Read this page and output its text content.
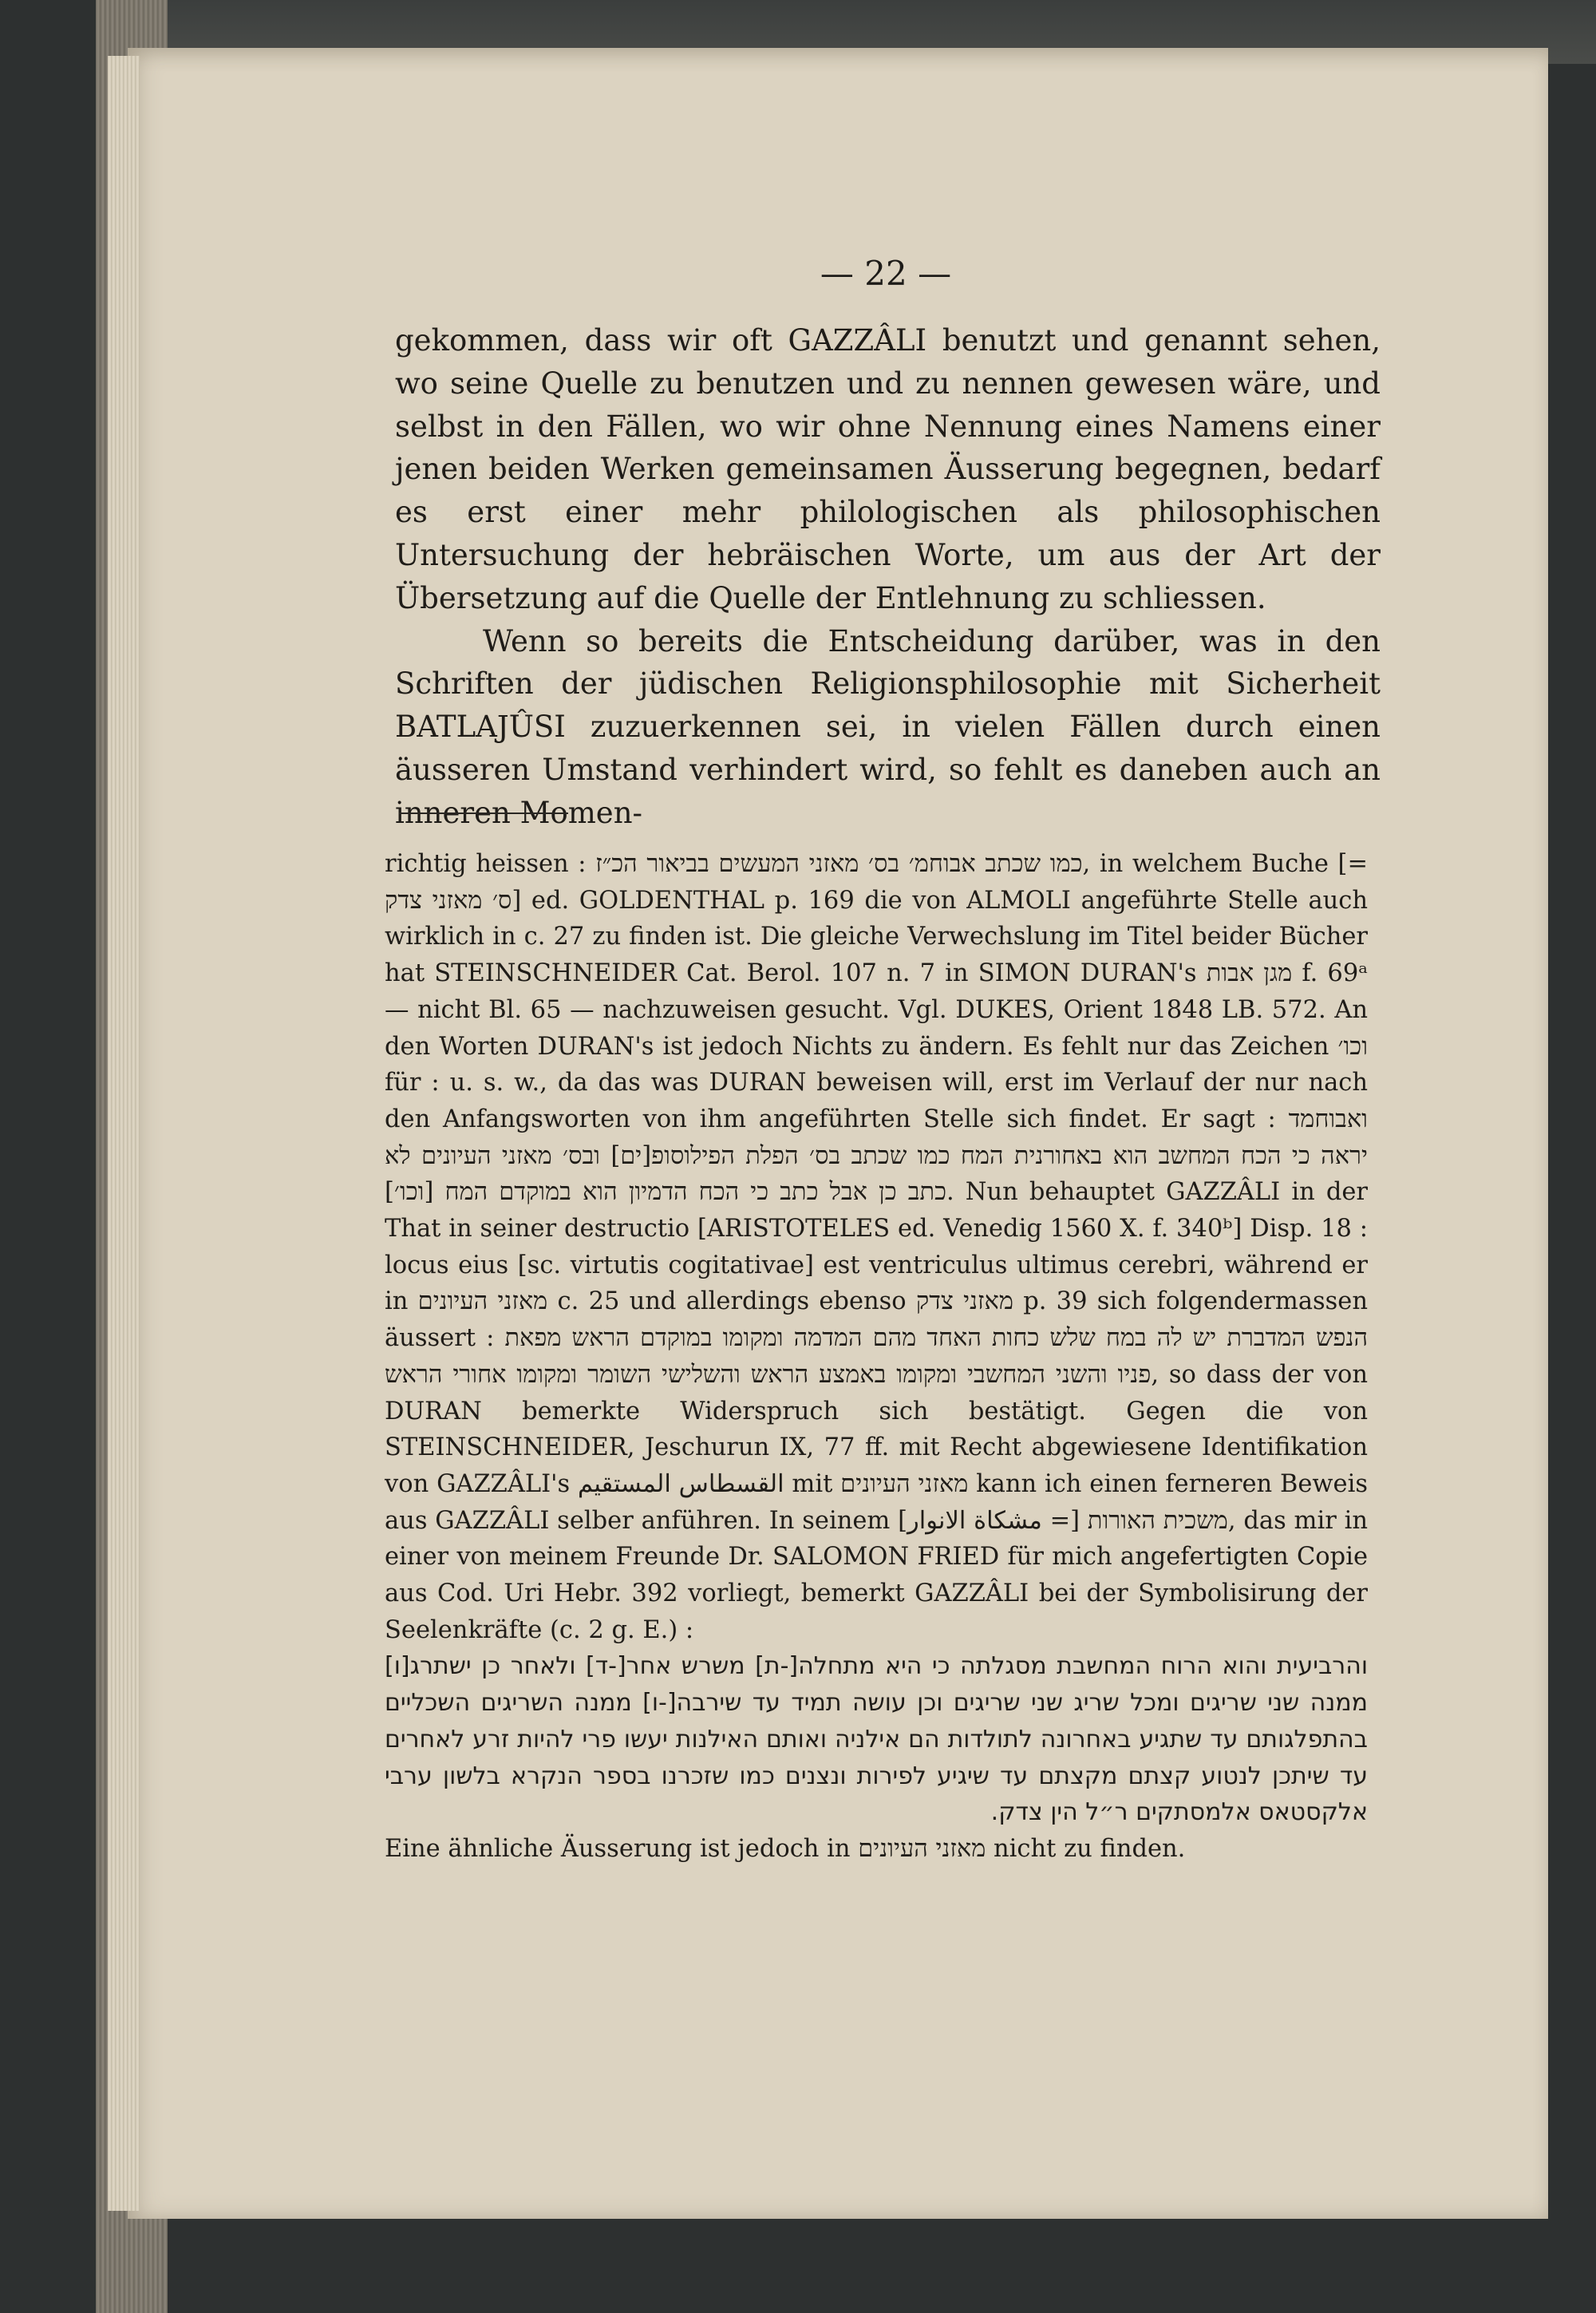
— 22 —

gekommen, dass wir oft GAZZÂLI benutzt und genannt sehen, wo seine Quelle zu benutzen und zu nennen gewesen wäre, und selbst in den Fällen, wo wir ohne Nennung eines Namens einer jenen beiden Werken gemeinsamen Äusserung begegnen, bedarf es erst einer mehr philologischen als philosophischen Untersuchung der hebräischen Worte, um aus der Art der Übersetzung auf die Quelle der Entlehnung zu schliessen.

Wenn so bereits die Entscheidung darüber, was in den Schriften der jüdischen Religionsphilosophie mit Sicherheit BATLAJÛSI zuzuerkennen sei, in vielen Fällen durch einen äusseren Umstand verhindert wird, so fehlt es daneben auch an inneren Momen-

richtig heissen : כמו שכתב אבוחמ׳ בס׳ מאזני המעשים בביאור הכ״ז, in welchem Buche [= ס׳ מאזני צדק] ed. GOLDENTHAL p. 169 die von ALMOLI angeführte Stelle auch wirklich in c. 27 zu finden ist. Die gleiche Verwechslung im Titel beider Bücher hat STEINSCHNEIDER Cat. Berol. 107 n. 7 in SIMON DURAN's מגן אבות f. 69ᵃ — nicht Bl. 65 — nachzuweisen gesucht. Vgl. DUKES, Orient 1848 LB. 572. An den Worten DURAN's ist jedoch Nichts zu ändern. Es fehlt nur das Zeichen וכו׳ für : u. s. w., da das was DURAN beweisen will, erst im Verlauf der nur nach den Anfangsworten von ihm angeführten Stelle sich findet. Er sagt : ואבוחמד יראה כי הכח המחשב הוא באחורנית המח כמו שכתב בס׳ הפלת הפילוסופ[ים] ובס׳ מאזני העיונים לא כתב כן אבל כתב כי הכח הדמיון הוא במוקדם המח [וכו׳]. Nun behauptet GAZZÂLI in der That in seiner destructio [ARISTOTELES ed. Venedig 1560 X. f. 340ᵇ] Disp. 18 : locus eius [sc. virtutis cogitativae] est ventriculus ultimus cerebri, während er in מאזני העיונים c. 25 und allerdings ebenso מאזני צדק p. 39 sich folgendermassen äussert : הנפש המדברת יש לה במח שלש כחות האחד מהם המדמה ומקומו במוקדם הראש מפאת פניו והשני המחשבי ומקומו באמצע הראש והשלישי השומר ומקומו אחורי הראש, so dass der von DURAN bemerkte Widerspruch sich bestätigt. Gegen die von STEINSCHNEIDER, Jeschurun IX, 77 ff. mit Recht abgewiesene Identifikation von GAZZÂLI's القسطاس المستقيم mit מאזני העיונים kann ich einen ferneren Beweis aus GAZZÂLI selber anführen. In seinem משכית האורות [= مشكاة الانوار], das mir in einer von meinem Freunde Dr. SALOMON FRIED für mich angefertigten Copie aus Cod. Uri Hebr. 392 vorliegt, bemerkt GAZZÂLI bei der Symbolisirung der Seelenkräfte (c. 2 g. E.) :

והרביעית והוא הרוח המחשבת מסגלתה כי היא מתחלה[-ת] משרש אחר[-ד] ולאחר כן ישתרג[ו] ממנה שני שריגים ומכל שריג שני שריגים וכן עושה תמיד עד שירבה[-ו] ממנה השריגים השכליים בהתפלגותם עד שתגיע באחרונה לתולדות הם אילניה ואותם האילנות יעשו פרי להיות זרע לאחרים עד שיתכן לנטוע קצתם מקצתם עד שיגיע לפירות ונצנים כמו שזכרנו בספר הנקרא בלשון ערבי אלקסטאס אלמסתקים ר״ל הין צדק.

Eine ähnliche Äusserung ist jedoch in מאזני העיונים nicht zu finden.
